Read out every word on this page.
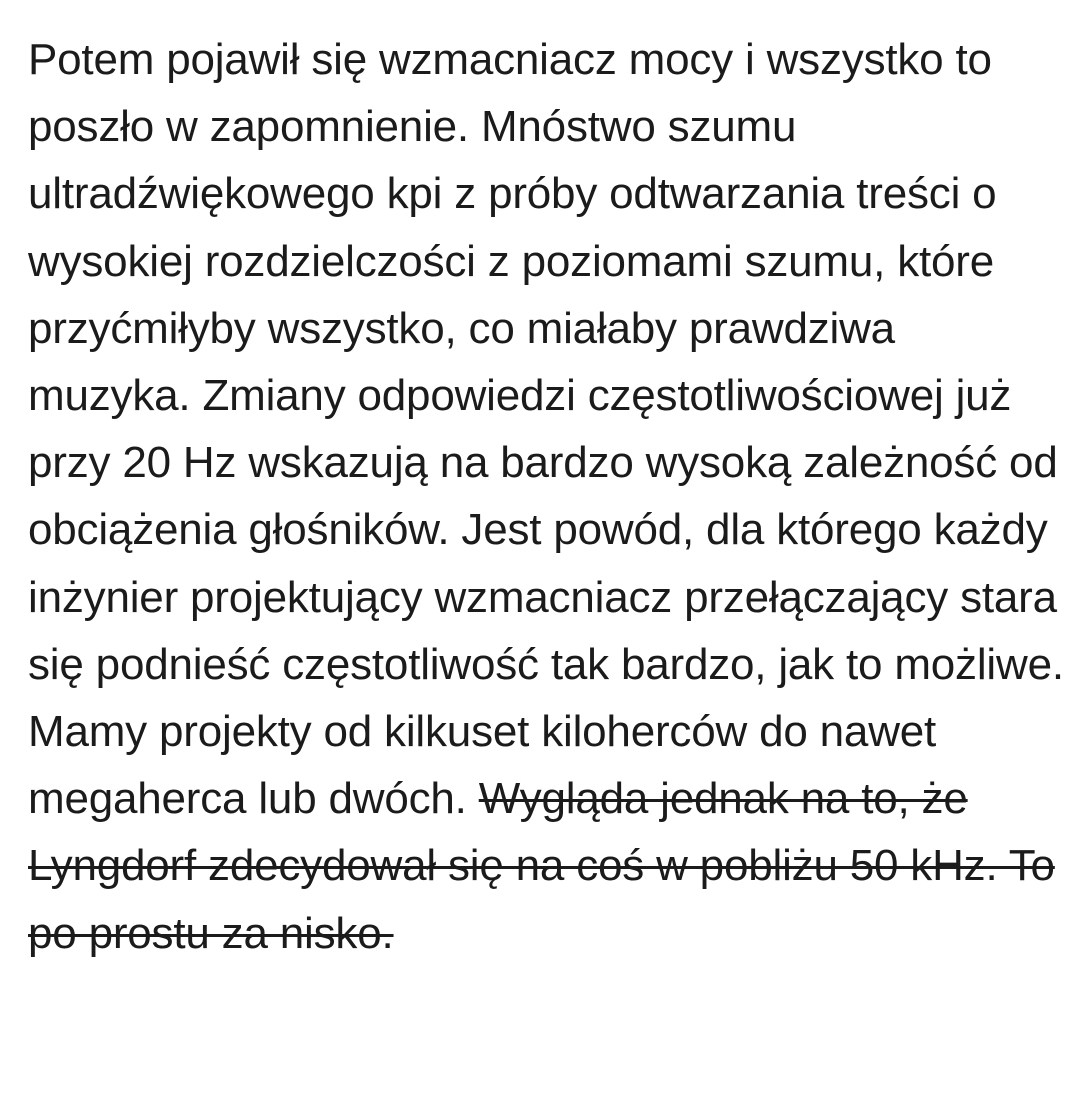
Potem pojawił się wzmacniacz mocy i wszystko to poszło w zapomnienie. Mnóstwo szumu ultradźwiękowego kpi z próby odtwarzania treści o wysokiej rozdzielczości z poziomami szumu, które przyćmiłyby wszystko, co miałaby prawdziwa muzyka. Zmiany odpowiedzi częstotliwościowej już przy 20 Hz wskazują na bardzo wysoką zależność od obciążenia głośników. Jest powód, dla którego każdy inżynier projektujący wzmacniacz przełączający stara się podnieść częstotliwość tak bardzo, jak to możliwe. Mamy projekty od kilkuset kiloherców do nawet megaherca lub dwóch. Wygląda jednak na to, że Lyngdorf zdecydował się na coś w pobliżu 50 kHz. To po prostu za nisko.
